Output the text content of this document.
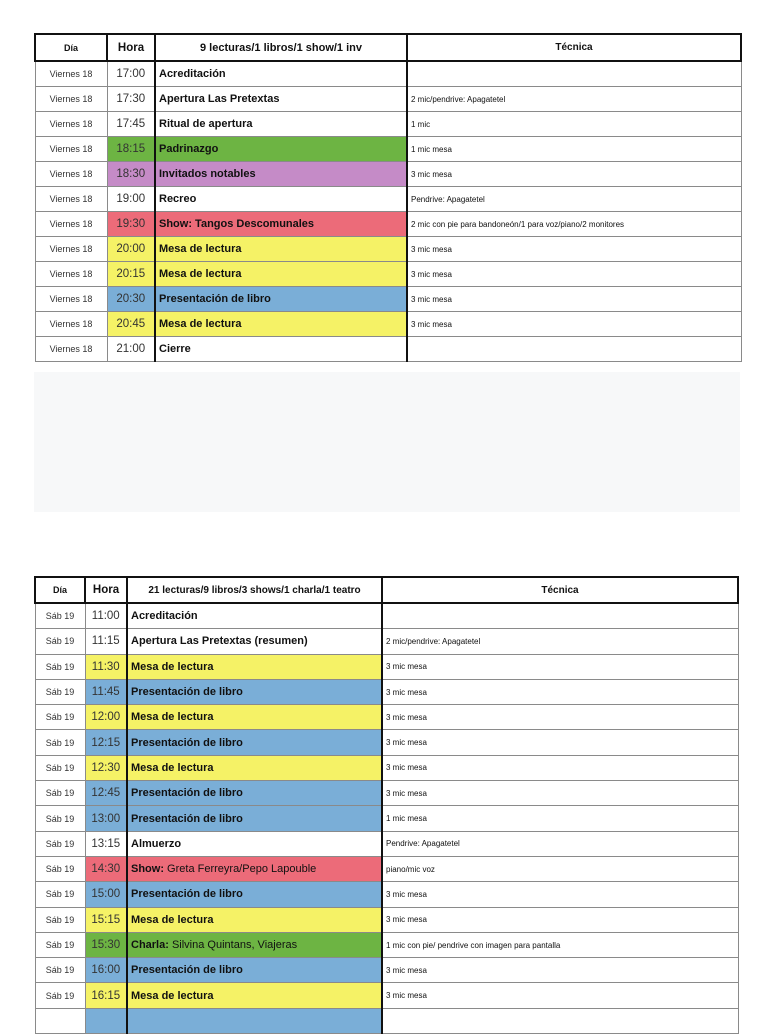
Día	Hora	9 lecturas/1 libros/1 show/1 inv	Técnica
Viernes 18	17:00	Acreditación	
Viernes 18	17:30	Apertura Las Pretextas	2 mic/pendrive: Apagatetel
Viernes 18	17:45	Ritual de apertura	1 mic
Viernes 18	18:15	Padrinazgo	1 mic mesa
Viernes 18	18:30	Invitados notables	3 mic mesa
Viernes 18	19:00	Recreo	Pendrive: Apagatetel
Viernes 18	19:30	Show: Tangos Descomunales	2 mic con pie para bandoneón/1 para voz/piano/2 monitores
Viernes 18	20:00	Mesa de lectura	3 mic mesa
Viernes 18	20:15	Mesa de lectura	3 mic mesa
Viernes 18	20:30	Presentación de libro	3 mic mesa
Viernes 18	20:45	Mesa de lectura	3 mic mesa
Viernes 18	21:00	Cierre	
Día	Hora	21 lecturas/9 libros/3 shows/1 charla/1 teatro	Técnica
Sáb 19	11:00	Acreditación	
Sáb 19	11:15	Apertura Las Pretextas (resumen)	2 mic/pendrive: Apagatetel
Sáb 19	11:30	Mesa de lectura	3 mic mesa
Sáb 19	11:45	Presentación de libro	3 mic mesa
Sáb 19	12:00	Mesa de lectura	3 mic mesa
Sáb 19	12:15	Presentación de libro	3 mic mesa
Sáb 19	12:30	Mesa de lectura	3 mic mesa
Sáb 19	12:45	Presentación de libro	3 mic mesa
Sáb 19	13:00	Presentación de libro	1 mic mesa
Sáb 19	13:15	Almuerzo	Pendrive: Apagatetel
Sáb 19	14:30	Show: Greta Ferreyra/Pepo Lapouble	piano/mic voz
Sáb 19	15:00	Presentación de libro	3 mic mesa
Sáb 19	15:15	Mesa de lectura	3 mic mesa
Sáb 19	15:30	Charla: Silvina Quintans, Viajeras	1 mic con pie/ pendrive con imagen para pantalla
Sáb 19	16:00	Presentación de libro	3 mic mesa
Sáb 19	16:15	Mesa de lectura	3 mic mesa
